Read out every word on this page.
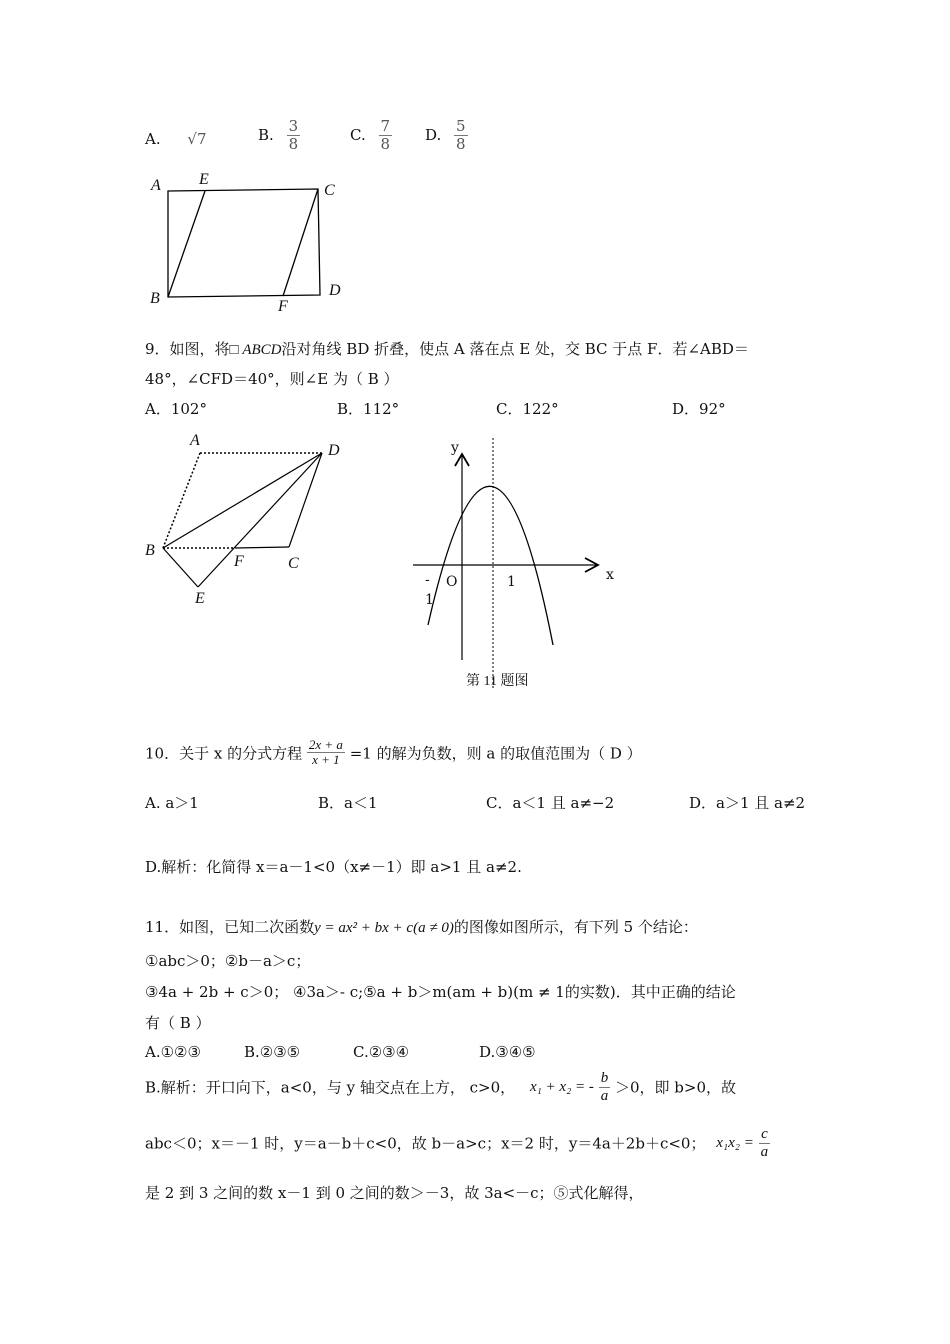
A. √7	B. $\frac{3}{8}$	C. $\frac{7}{8} D$. $\frac{5}{8}$
A E
C
B	F
D
9．如图，将□ ABCD沿对角线 BD 折叠，使点 A 落在点 E 处，交 BC 于点 F．若∠ABD＝
48°，∠CFD＝40°，则∠E 为（ B ）
A．102°	B．112°	C．122°	D．92°
A
D
B
F	C
E
y
x
O
-
1
1
第 11 题图
10．关于 x 的分式方程 $\frac{2x + a}{x + 1} =1$ 的解为负数，则 a 的取值范围为（ D ）
A. a＞1	B．a＜1	C．a＜1 且 a≠−2	D．a＞1 且 a≠2
D.解析：化简得 x＝a－1<0（x≠－1）即 a>1 且 a≠2.
11．如图，已知二次函数y = ax² + bx + c(a ≠ 0)的图像如图所示，有下列 5 个结论：
①abc＞0；②b－a＞c；
③4a + 2b + c＞0； ④3a＞- c;⑤a + b＞m(am + b)(m ≠ 1的实数)．其中正确的结论
有（ B ）
A.①②③	B.②③⑤	C.②③④	D.③④⑤
B.解析：开口向下，a<0，与 y 轴交点在上方， c>0， x₁ + x₂ = - $\frac{b}{a} >0$，即 b>0，故
abc＜0；x＝－1 时，y＝a－b＋c<0，故 b－a>c；x＝2 时，y＝4a＋2b＋c<0； $x_1x_2 = \frac{c}{a}$
是 2 到 3 之间的数 x－1 到 0 之间的数＞－3，故 3a<－c；⑤式化解得，
